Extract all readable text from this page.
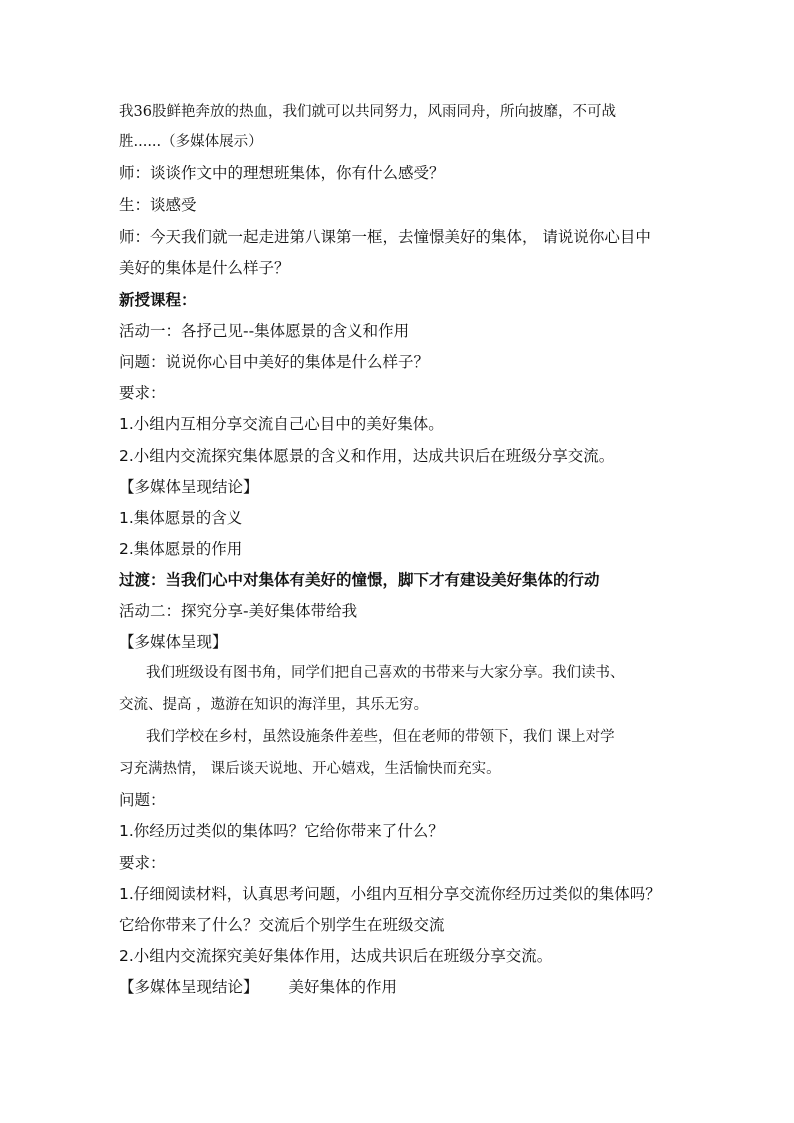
我36股鲜艳奔放的热血，我们就可以共同努力，风雨同舟，所向披靡，不可战
胜......（多媒体展示）
师：谈谈作文中的理想班集体，你有什么感受？
生：谈感受
师：今天我们就一起走进第八课第一框，去憧憬美好的集体， 请说说你心目中
美好的集体是什么样子？
新授课程：
活动一：各抒己见--集体愿景的含义和作用
问题：说说你心目中美好的集体是什么样子？
要求：
1.小组内互相分享交流自己心目中的美好集体。
2.小组内交流探究集体愿景的含义和作用，达成共识后在班级分享交流。
【多媒体呈现结论】
1.集体愿景的含义
2.集体愿景的作用
过渡：当我们心中对集体有美好的憧憬，脚下才有建设美好集体的行动
活动二：探究分享-美好集体带给我
【多媒体呈现】
我们班级设有图书角，同学们把自己喜欢的书带来与大家分享。我们读书、
交流、提高 ，遨游在知识的海洋里，其乐无穷。
我们学校在乡村，虽然设施条件差些，但在老师的带领下，我们 课上对学
习充满热情， 课后谈天说地、开心嬉戏，生活愉快而充实。
问题：
1.你经历过类似的集体吗？它给你带来了什么？
要求：
1.仔细阅读材料，认真思考问题，小组内互相分享交流你经历过类似的集体吗？
它给你带来了什么？交流后个别学生在班级交流
2.小组内交流探究美好集体作用，达成共识后在班级分享交流。
【多媒体呈现结论】 美好集体的作用
